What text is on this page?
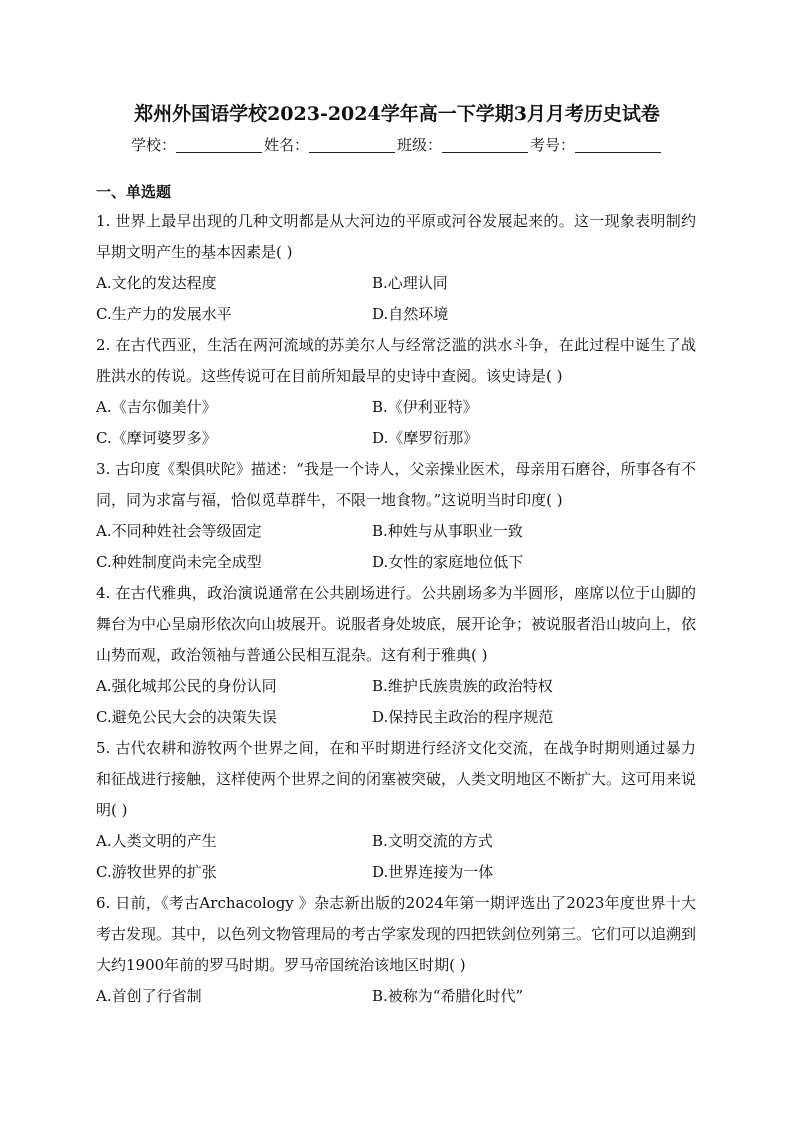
郑州外国语学校2023-2024学年高一下学期3月月考历史试卷
学校：	姓名：	班级：	考号：
一、单选题
1. 世界上最早出现的几种文明都是从大河边的平原或河谷发展起来的。这一现象表明制约早期文明产生的基本因素是( )
A.文化的发达程度	B.心理认同
C.生产力的发展水平	D.自然环境
2. 在古代西亚，生活在两河流域的苏美尔人与经常泛滥的洪水斗争，在此过程中诞生了战胜洪水的传说。这些传说可在目前所知最早的史诗中查阅。该史诗是( )
A.《吉尔伽美什》	B.《伊利亚特》
C.《摩诃婆罗多》	D.《摩罗衍那》
3. 古印度《梨俱吠陀》描述：“我是一个诗人，父亲操业医术，母亲用石磨谷，所事各有不同，同为求富与福，恰似觅草群牛，不限一地食物。”这说明当时印度( )
A.不同种姓社会等级固定	B.种姓与从事职业一致
C.种姓制度尚未完全成型	D.女性的家庭地位低下
4. 在古代雅典，政治演说通常在公共剧场进行。公共剧场多为半圆形，座席以位于山脚的舞台为中心呈扇形依次向山坡展开。说服者身处坡底，展开论争；被说服者沿山坡向上，依山势而观，政治领袖与普通公民相互混杂。这有利于雅典( )
A.强化城邦公民的身份认同	B.维护氏族贵族的政治特权
C.避免公民大会的决策失误	D.保持民主政治的程序规范
5. 古代农耕和游牧两个世界之间，在和平时期进行经济文化交流，在战争时期则通过暴力和征战进行接触，这样使两个世界之间的闭塞被突破，人类文明地区不断扩大。这可用来说明( )
A.人类文明的产生	B.文明交流的方式
C.游牧世界的扩张	D.世界连接为一体
6. 日前，《考古Archacology 》杂志新出版的2024年第一期评选出了2023年度世界十大考古发现。其中，以色列文物管理局的考古学家发现的四把铁剑位列第三。它们可以追溯到大约1900年前的罗马时期。罗马帝国统治该地区时期( )
A.首创了行省制	B.被称为“希腊化时代”
